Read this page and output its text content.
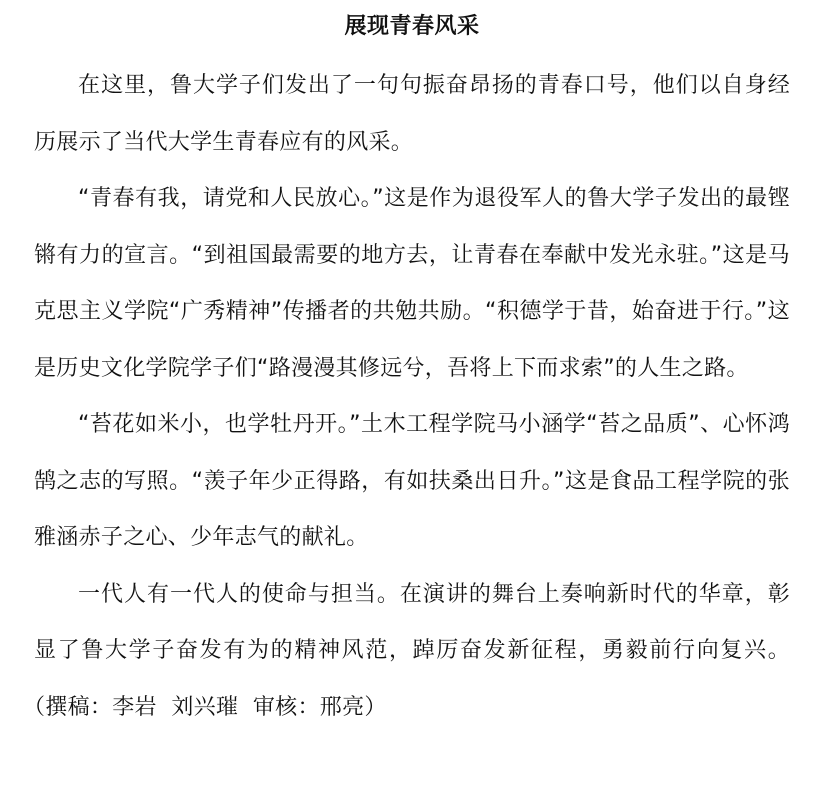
展现青春风采

在这里，鲁大学子们发出了一句句振奋昂扬的青春口号，他们以自身经历展示了当代大学生青春应有的风采。

“青春有我，请党和人民放心。”这是作为退役军人的鲁大学子发出的最铿锵有力的宣言。“到祖国最需要的地方去，让青春在奉献中发光永驻。”这是马克思主义学院“广秀精神”传播者的共勉共励。“积德学于昔，始奋进于行。”这是历史文化学院学子们“路漫漫其修远兮，吾将上下而求索”的人生之路。

“苔花如米小，也学牡丹开。”土木工程学院马小涵学“苔之品质”、心怀鸿鹄之志的写照。“羡子年少正得路，有如扶桑出日升。”这是食品工程学院的张雅涵赤子之心、少年志气的献礼。

一代人有一代人的使命与担当。在演讲的舞台上奏响新时代的华章，彰显了鲁大学子奋发有为的精神风范，踔厉奋发新征程，勇毅前行向复兴。（撰稿：李岩  刘兴璀  审核：邢亮）
